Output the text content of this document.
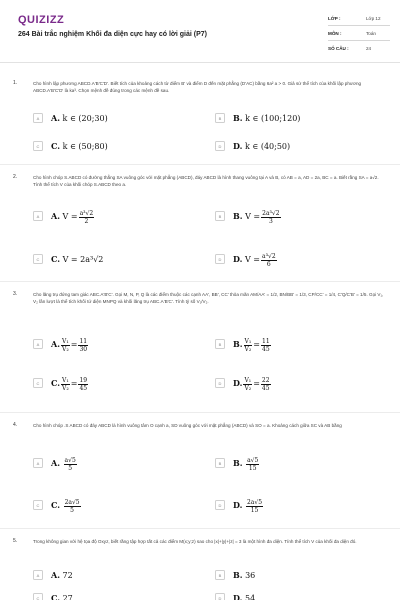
QUIZIZZ
264 Bài trắc nghiệm Khối đa diện cực hay có lời giải (P7)
LỚP :	Lớp 12
MÔN :	Toán
SỐ CÂU :	24
1.	Cho hình lập phương ABCD.A'B'C'D'. Biết tích của khoảng cách từ điểm B' và điểm D đến mặt phẳng (D'AC) bằng 6a² a > 0. Giả sử thể tích của khối lập phương ABCD.A'B'C'D' là ka³. Chọn mệnh đề đúng trong các mệnh đề sau.
A	A. k ∈ (20;30)	B	B. k ∈ (100;120)
C	C. k ∈ (50;80)	D	D. k ∈ (40;50)
2.	Cho hình chóp S.ABCD có đường thẳng SA vuông góc với mặt phẳng (ABCD), đáy ABCD là hình thang vuông tại A và B, có AB = a, AD = 2a, BC = a. Biết rằng SA = a√2. Tính thể tích V của khối chóp S.ABCD theo a.
A	A. $V = \frac{\text{a³√2}}{2}$	B	B. $V = \frac{\text{2a³√2}}{3}$
C	C. V = 2a³√2	D	D. $V = \frac{\text{a³√2}}{6}$
3.	Cho lăng trụ đứng tam giác ABC.A'B'C'. Gọi M, N, P, Q là các điểm thuộc các cạnh AA', BB', CC' thỏa mãn AM/AA' = 1/2, BN/BB' = 1/3, CP/CC' = 1/4, C'Q/C'B' = 1/5. Gọi V₁, V₂ lần lượt là thể tích khối tứ diện MNPQ và khối lăng trụ ABC.A'B'C'. Tính tỷ số V₁/V₂.
A	A. $\frac{\text{V₁}}{\text{V₂}} = \frac{11}{30}$	B	B. $\frac{\text{V₁}}{\text{V₂}} = \frac{11}{45}$
C	C. $\frac{\text{V₁}}{\text{V₂}} = \frac{19}{45}$	D	D. $\frac{\text{V₁}}{\text{V₂}} = \frac{22}{45}$
4.	Cho hình chóp .S ABCD có đáy ABCD là hình vuông tâm O cạnh a, SD vuông góc với mặt phẳng (ABCD) và SO = a. Khoảng cách giữa SC và AB bằng
A	A. $\frac{a√5}{5}$	B	B. $\frac{a√5}{15}$
C	C. $\frac{2a√5}{5}$	D	D. $\frac{2a√5}{15}$
5.	Trong không gian với hệ tọa độ Oxyz, biết rằng tập hợp tất cả các điểm M(x;y;z) sao cho |x|+|y|+|z| = 3 là một hình đa diện. Tính thể tích V của khối đa diện đó.
A	A. 72	B	B. 36
C	C. 27	D	D. 54
